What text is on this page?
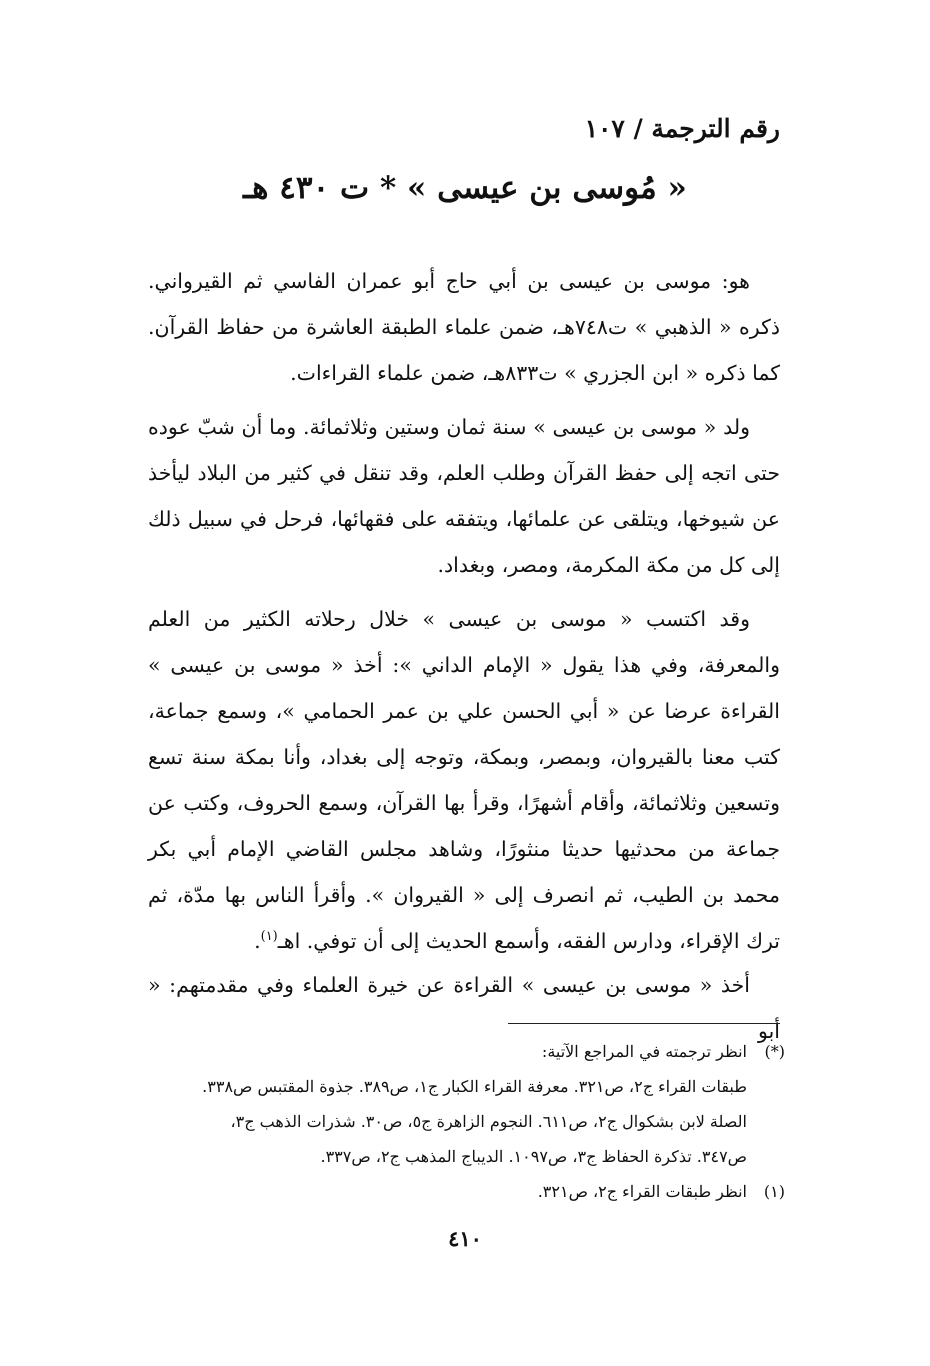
رقم الترجمة / ١٠٧
« مُوسى بن عيسى » * ت ٤٣٠ هـ

هو: موسى بن عيسى بن أبي حاج أبو عمران الفاسي ثم القيرواني. ذكره « الذهبي » ت٧٤٨هـ، ضمن علماء الطبقة العاشرة من حفاظ القرآن. كما ذكره « ابن الجزري » ت٨٣٣هـ، ضمن علماء القراءات.

ولد « موسى بن عيسى » سنة ثمان وستين وثلاثمائة. وما أن شبّ عوده حتى اتجه إلى حفظ القرآن وطلب العلم، وقد تنقل في كثير من البلاد ليأخذ عن شيوخها، ويتلقى عن علمائها، ويتفقه على فقهائها، فرحل في سبيل ذلك إلى كل من مكة المكرمة، ومصر، وبغداد.

وقد اكتسب « موسى بن عيسى » خلال رحلاته الكثير من العلم والمعرفة، وفي هذا يقول « الإمام الداني »: أخذ « موسى بن عيسى » القراءة عرضا عن « أبي الحسن علي بن عمر الحمامي »، وسمع جماعة، كتب معنا بالقيروان، وبمصر، وبمكة، وتوجه إلى بغداد، وأنا بمكة سنة تسع وتسعين وثلاثمائة، وأقام أشهرًا، وقرأ بها القرآن، وسمع الحروف، وكتب عن جماعة من محدثيها حديثا منثورًا، وشاهد مجلس القاضي الإمام أبي بكر محمد بن الطيب، ثم انصرف إلى « القيروان ». وأقرأ الناس بها مدّة، ثم ترك الإقراء، ودارس الفقه، وأسمع الحديث إلى أن توفي. اهـ$^{(١)}$.

أخذ « موسى بن عيسى » القراءة عن خيرة العلماء وفي مقدمتهم: « أبو

(*)انظر ترجمته في المراجع الآتية:
طبقات القراء ج٢، ص٣٢١. معرفة القراء الكبار ج١، ص٣٨٩. جذوة المقتبس ص٣٣٨.
الصلة لابن بشكوال ج٢، ص٦١١. النجوم الزاهرة ج٥، ص٣٠. شذرات الذهب ج٣،
ص٣٤٧. تذكرة الحفاظ ج٣، ص١٠٩٧. الديباج المذهب ج٢، ص٣٣٧.
(١)انظر طبقات القراء ج٢، ص٣٢١.
٤١٠
